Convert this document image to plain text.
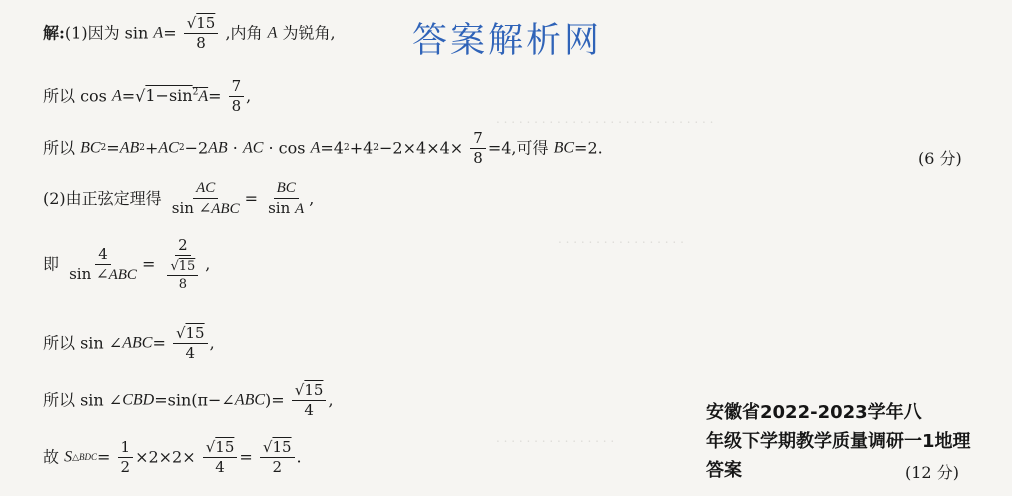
. . . . . . . . . . . . . . . . . . . . . . . . . . . . .
. . . . . . . . . . . . . . . . .
. . . . . . . . . . . . . . . .
答案解析网
解:(1)因为 $\sin A= \frac{√15}{8}$ ,内角 A 为锐角,
所以 $\cos A=√1-\sin^2A= \frac{7}{8}$ ,
所以 BC2=AB2+AC2−2AB · AC · $\cos A=42+42-2\times 4\times 4\times \frac{7}{8} =4$,可得 BC=2.
(2)由正弦定理得 $\frac{AC}{\text{sin ∠ABC}} = \frac{BC}{\text{sin A}}$ ,
即 $\frac{4}{\text{sin ∠ABC}} = \frac{2}{\frac{√15}{8}}$ ,
所以 sin ∠ABC= $\frac{√15}{4}$ ,
所以 sin ∠CBD=sin(π−∠ABC)= $\frac{√15}{4}$ ,
故 S△BDC= $\frac{1}{2} \times 2\times 2\times \frac{√15}{4} = \frac{√15}{2}$ .
(6 分)
(12 分)
安徽省2022-2023学年八
年级下学期教学质量调研一1地理
答案
